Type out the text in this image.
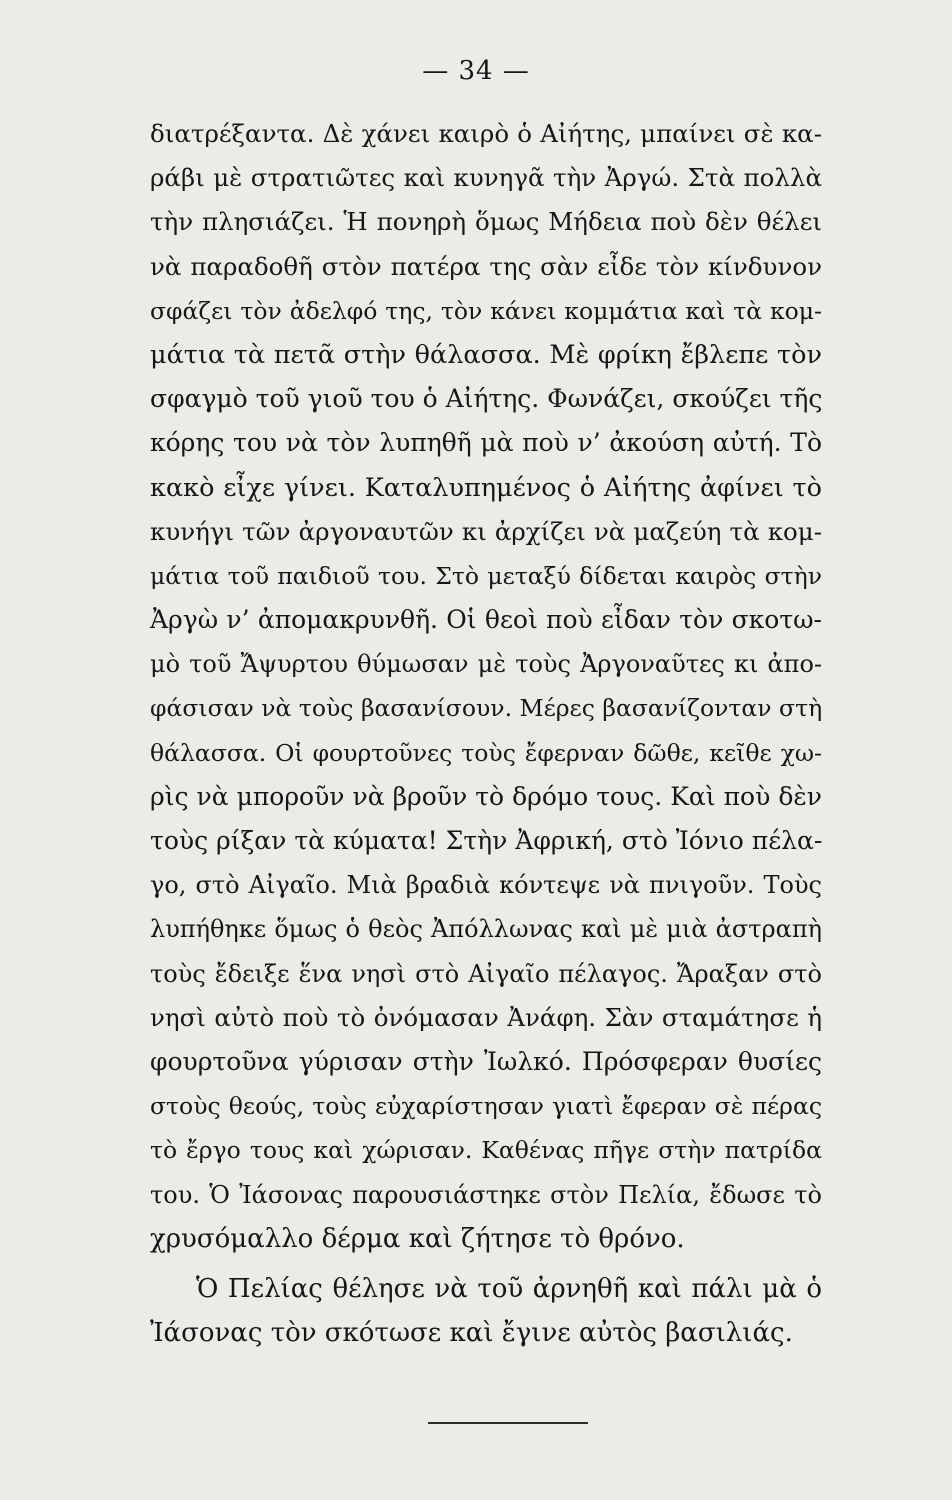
— 34 —
διατρέξαντα. Δὲ χάνει καιρὸ ὁ Αἰήτης, μπαίνει σὲ κα-
ράβι μὲ στρατιῶτες καὶ κυνηγᾶ τὴν Ἀργώ. Στὰ πολλὰ
τὴν πλησιάζει. Ἡ πονηρὴ ὅμως Μήδεια ποὺ δὲν θέλει
νὰ παραδοθῆ στὸν πατέρα της σὰν εἶδε τὸν κίνδυνον
σφάζει τὸν ἀδελφό της, τὸν κάνει κομμάτια καὶ τὰ κομ-
μάτια τὰ πετᾶ στὴν θάλασσα. Μὲ φρίκη ἔβλεπε τὸν
σφαγμὸ τοῦ γιοῦ του ὁ Αἰήτης. Φωνάζει, σκούζει τῆς
κόρης του νὰ τὸν λυπηθῆ μὰ ποὺ ν’ ἀκούση αὐτή. Τὸ
κακὸ εἶχε γίνει. Καταλυπημένος ὁ Αἰήτης ἀφίνει τὸ
κυνήγι τῶν ἀργοναυτῶν κι ἀρχίζει νὰ μαζεύη τὰ κομ-
μάτια τοῦ παιδιοῦ του. Στὸ μεταξύ δίδεται καιρὸς στὴν
Ἀργὼ ν’ ἀπομακρυνθῆ. Οἱ θεοὶ ποὺ εἶδαν τὸν σκοτω-
μὸ τοῦ Ἄψυρτου θύμωσαν μὲ τοὺς Ἀργοναῦτες κι ἀπο-
φάσισαν νὰ τοὺς βασανίσουν. Μέρες βασανίζονταν στὴ
θάλασσα. Οἱ φουρτοῦνες τοὺς ἔφερναν δῶθε, κεῖθε χω-
ρὶς νὰ μποροῦν νὰ βροῦν τὸ δρόμο τους. Καὶ ποὺ δὲν
τοὺς ρίξαν τὰ κύματα! Στὴν Ἀφρική, στὸ Ἰόνιο πέλα-
γο, στὸ Αἰγαῖο. Μιὰ βραδιὰ κόντεψε νὰ πνιγοῦν. Τοὺς
λυπήθηκε ὅμως ὁ θεὸς Ἀπόλλωνας καὶ μὲ μιὰ ἀστραπὴ
τοὺς ἔδειξε ἕνα νησὶ στὸ Αἰγαῖο πέλαγος. Ἄραξαν στὸ
νησὶ αὐτὸ ποὺ τὸ ὀνόμασαν Ἀνάφη. Σὰν σταμάτησε ἡ
φουρτοῦνα γύρισαν στὴν Ἰωλκό. Πρόσφεραν θυσίες
στοὺς θεούς, τοὺς εὐχαρίστησαν γιατὶ ἔφεραν σὲ πέρας
τὸ ἔργο τους καὶ χώρισαν. Καθένας πῆγε στὴν πατρίδα
του. Ὁ Ἰάσονας παρουσιάστηκε στὸν Πελία, ἔδωσε τὸ
χρυσόμαλλο δέρμα καὶ ζήτησε τὸ θρόνο.
Ὁ Πελίας θέλησε νὰ τοῦ ἀρνηθῆ καὶ πάλι μὰ ὁ
Ἰάσονας τὸν σκότωσε καὶ ἔγινε αὐτὸς βασιλιάς.
